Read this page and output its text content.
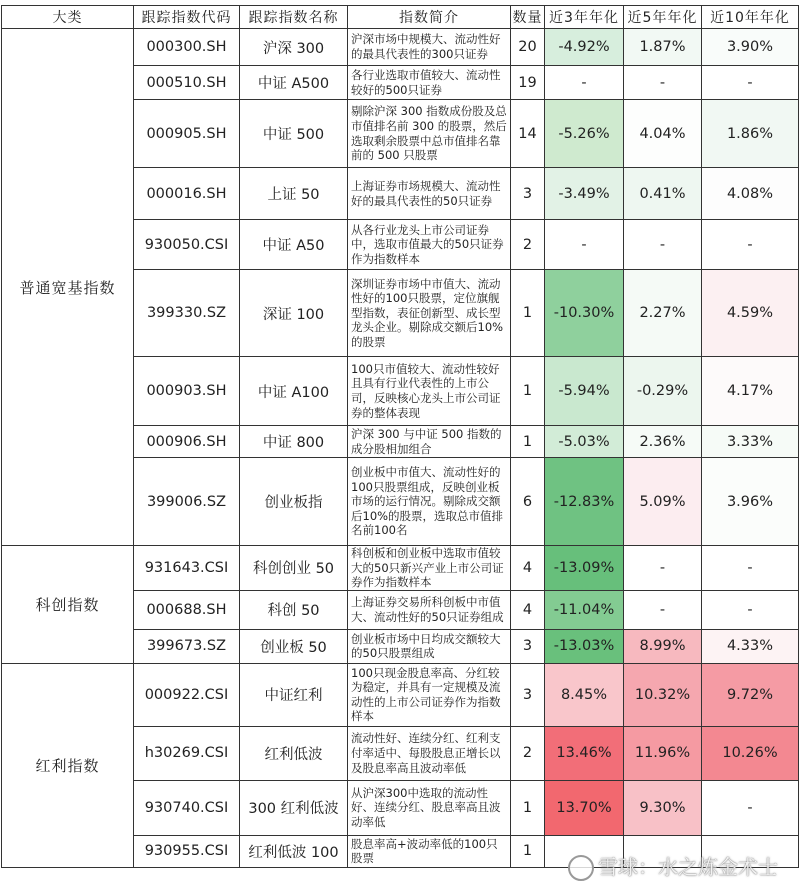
大类	跟踪指数代码	跟踪指数名称	指数简介	数量	近3年年化	近5年年化	近10年年化
普通宽基指数	000300.SH	沪深 300	沪深市场中规模大、流动性好的最具代表性的300只证券	20	-4.92%	1.87%	3.90%
	000510.SH	中证 A500	各行业选取市值较大、流动性较好的500只证券	19	-	-	-
	000905.SH	中证 500	剔除沪深 300 指数成份股及总市值排名前 300 的股票，然后选取剩余股票中总市值排名靠前的 500 只股票	14	-5.26%	4.04%	1.86%
	000016.SH	上证 50	上海证券市场规模大、流动性好的最具代表性的50只证券	3	-3.49%	0.41%	4.08%
	930050.CSI	中证 A50	从各行业龙头上市公司证券中，选取市值最大的50只证券作为指数样本	2	-	-	-
	399330.SZ	深证 100	深圳证券市场中市值大、流动性好的100只股票，定位旗舰型指数，表征创新型、成长型龙头企业。剔除成交额后10%的股票	1	-10.30%	2.27%	4.59%
	000903.SH	中证 A100	100只市值较大、流动性较好且具有行业代表性的上市公司，反映核心龙头上市公司证券的整体表现	1	-5.94%	-0.29%	4.17%
	000906.SH	中证 800	沪深 300 与中证 500 指数的成分股相加组合	1	-5.03%	2.36%	3.33%
	399006.SZ	创业板指	创业板中市值大、流动性好的100只股票组成，反映创业板市场的运行情况。剔除成交额后10%的股票，选取总市值排名前100名	6	-12.83%	5.09%	3.96%
科创指数	931643.CSI	科创创业 50	科创板和创业板中选取市值较大的50只新兴产业上市公司证券作为指数样本	4	-13.09%	-	-
	000688.SH	科创 50	上海证券交易所科创板中市值大、流动性好的50只证券组成	4	-11.04%	-	-
	399673.SZ	创业板 50	创业板市场中日均成交额较大的50只股票组成	3	-13.03%	8.99%	4.33%
红利指数	000922.CSI	中证红利	100只现金股息率高、分红较为稳定，并具有一定规模及流动性的上市公司证券作为指数样本	3	8.45%	10.32%	9.72%
	h30269.CSI	红利低波	流动性好、连续分红、红利支付率适中、每股股息正增长以及股息率高且波动率低	2	13.46%	11.96%	10.26%
	930740.CSI	300 红利低波	从沪深300中选取的流动性好、连续分红、股息率高且波动率低	1	13.70%	9.30%	-
	930955.CSI	红利低波 100	股息率高+波动率低的100只股票	1			
雪球：水之炼金术士
